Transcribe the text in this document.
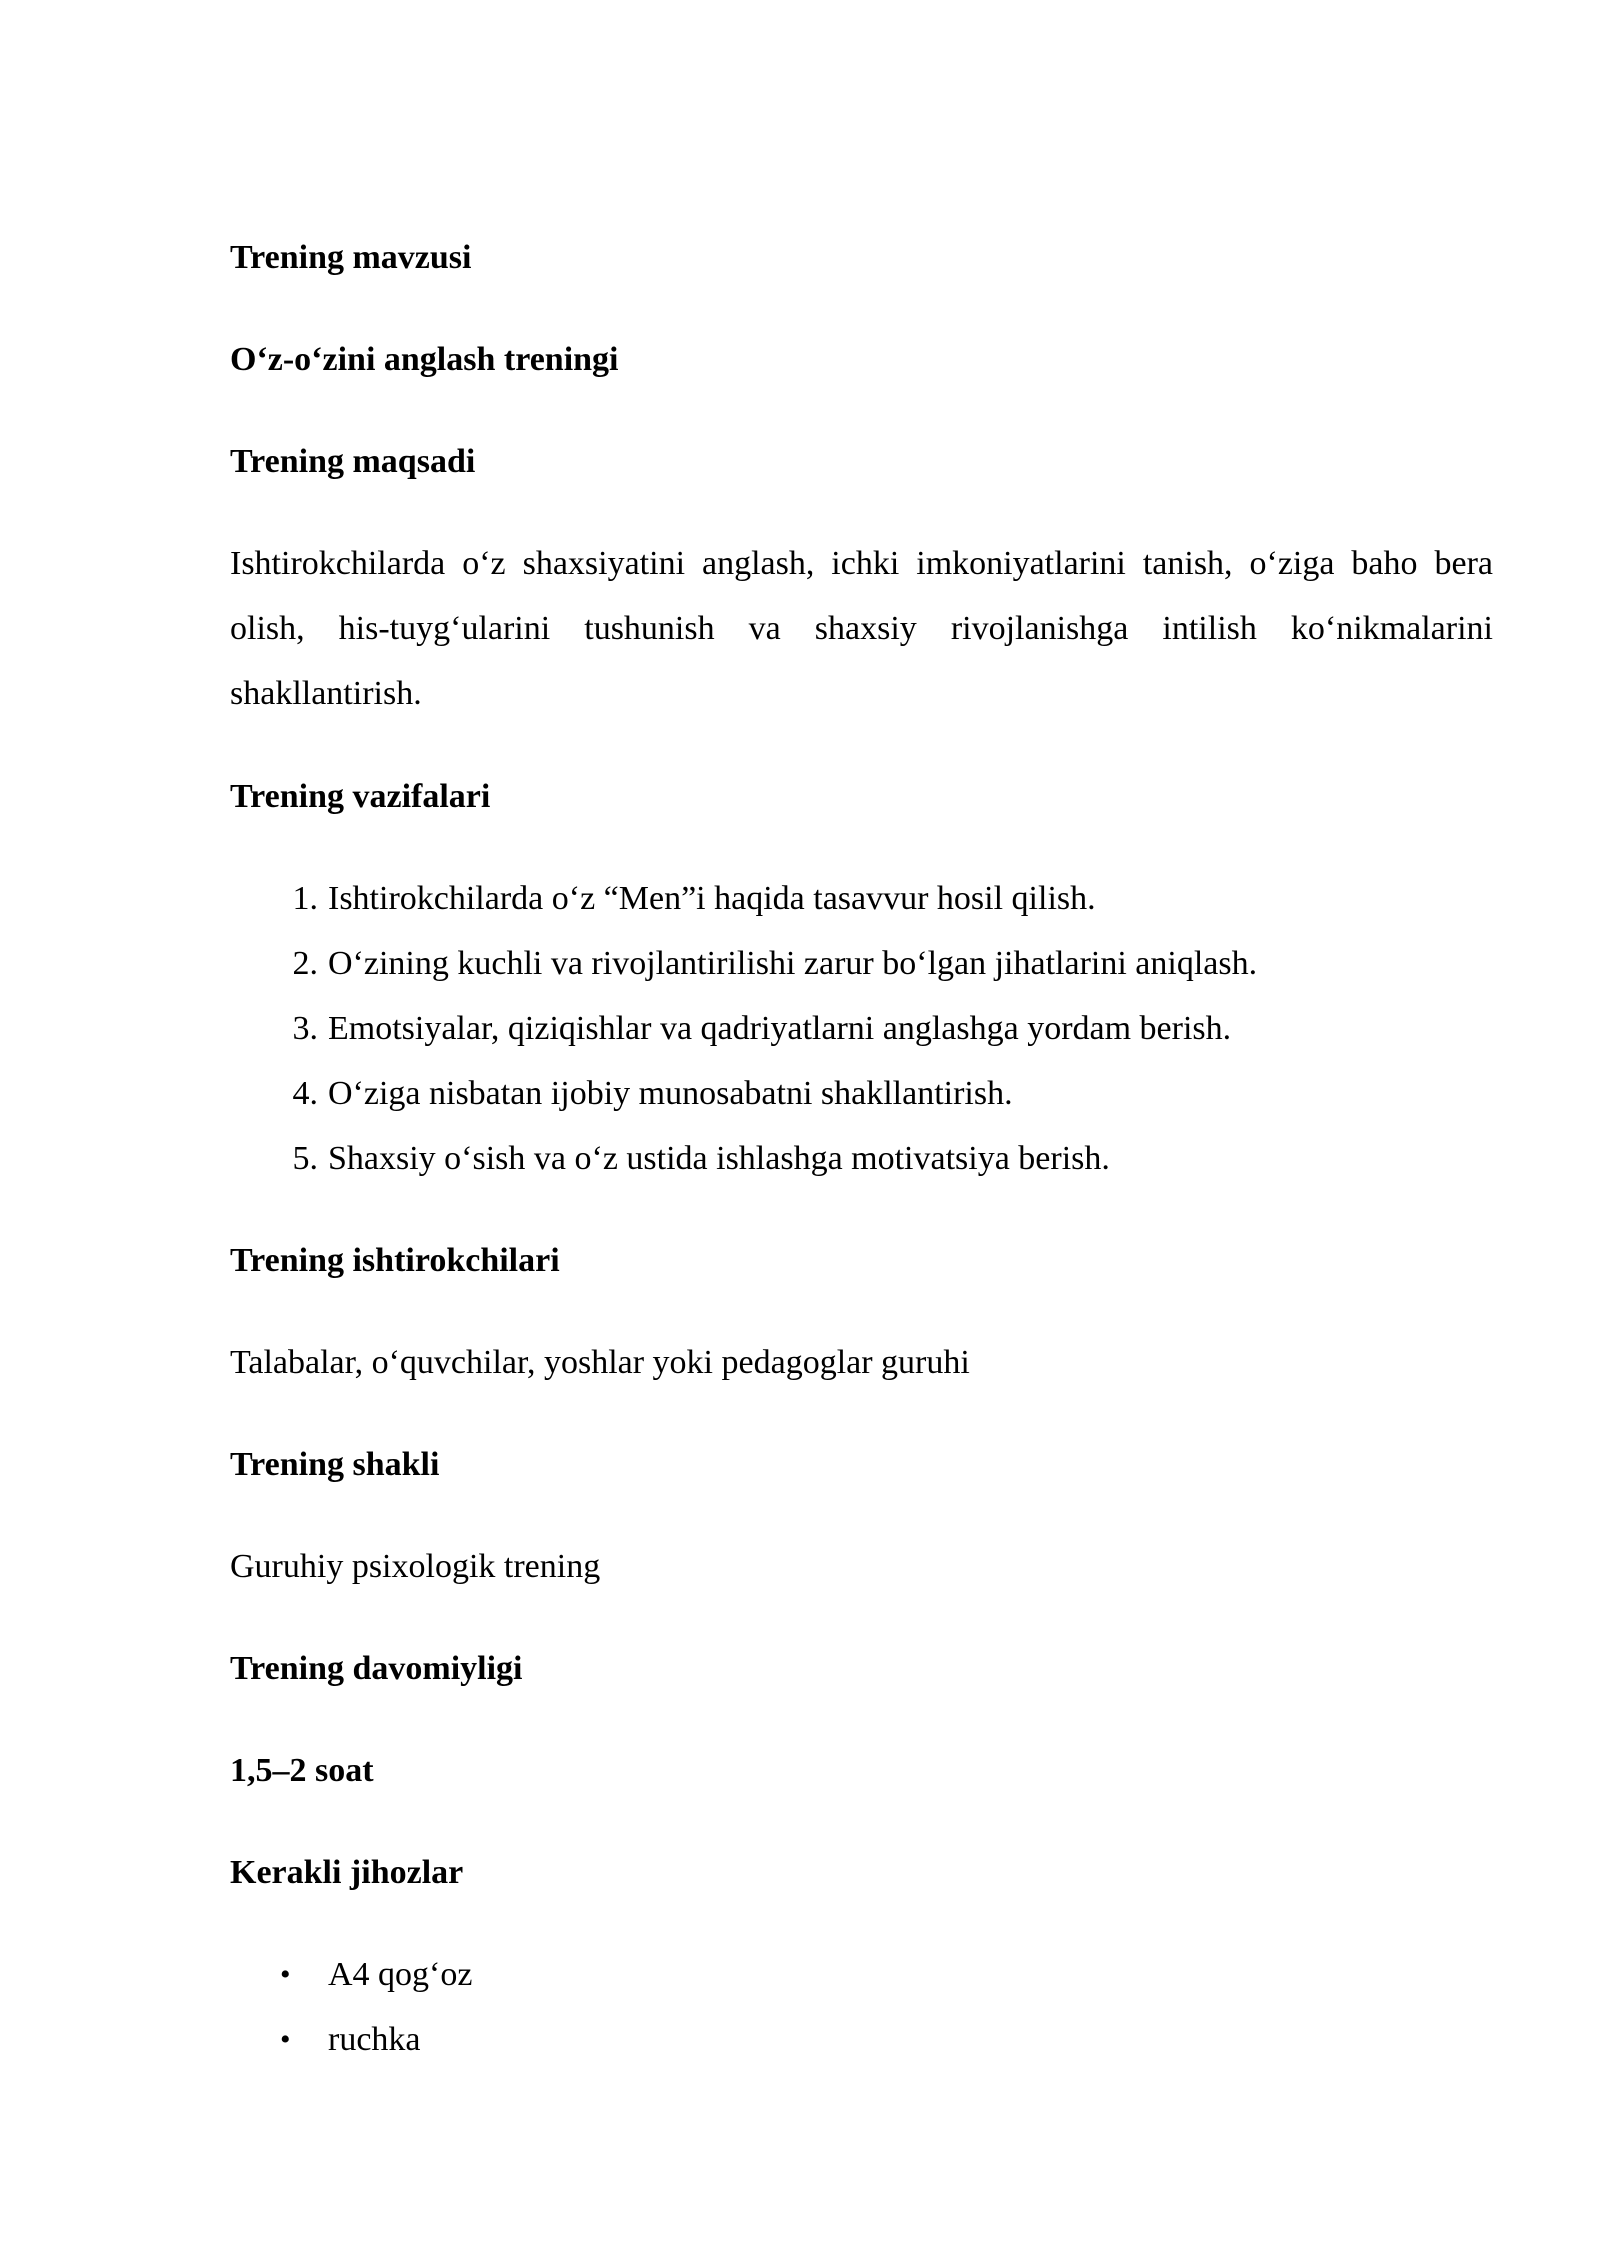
Trening mavzusi

O‘z-o‘zini anglash treningi

Trening maqsadi

Ishtirokchilarda o‘z shaxsiyatini anglash, ichki imkoniyatlarini tanish, o‘ziga baho bera olish, his-tuyg‘ularini tushunish va shaxsiy rivojlanishga intilish ko‘nikmalarini shakllantirish.

Trening vazifalari

1. Ishtirokchilarda o‘z “Men”i haqida tasavvur hosil qilish.
2. O‘zining kuchli va rivojlantirilishi zarur bo‘lgan jihatlarini aniqlash.
3. Emotsiyalar, qiziqishlar va qadriyatlarni anglashga yordam berish.
4. O‘ziga nisbatan ijobiy munosabatni shakllantirish.
5. Shaxsiy o‘sish va o‘z ustida ishlashga motivatsiya berish.

Trening ishtirokchilari

Talabalar, o‘quvchilar, yoshlar yoki pedagoglar guruhi

Trening shakli

Guruhiy psixologik trening

Trening davomiyligi

1,5–2 soat

Kerakli jihozlar

• A4 qog‘oz
• ruchka
